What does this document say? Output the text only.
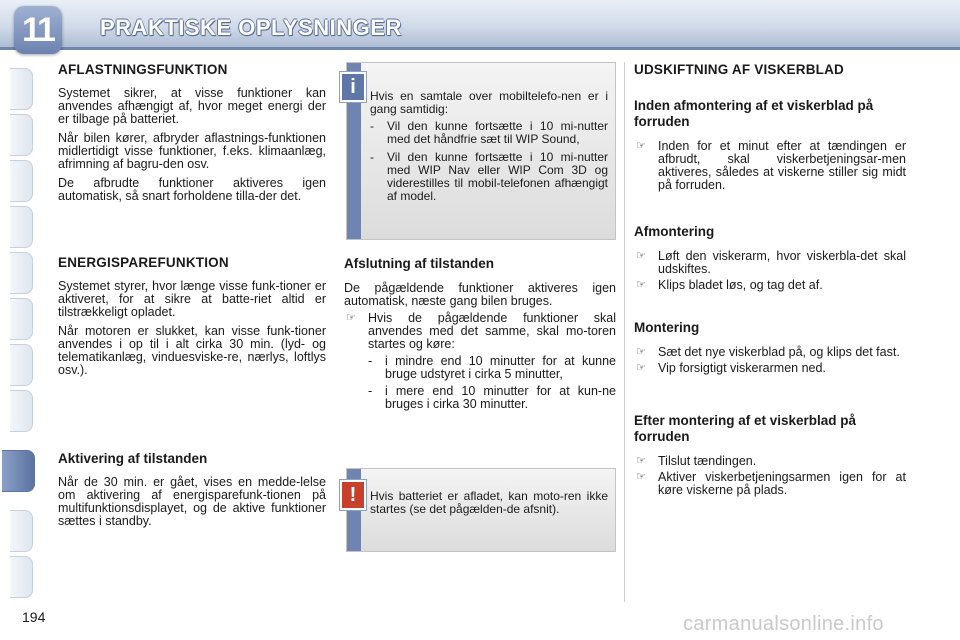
11 PRAKTISKE OPLYSNINGER
AFLASTNINGSFUNKTION

Systemet sikrer, at visse funktioner kan anvendes afhængigt af, hvor meget energi der er tilbage på batteriet.

Når bilen kører, afbryder aflastnings-funktionen midlertidigt visse funktioner, f.eks. klimaanlæg, afrimning af bagru-den osv.

De afbrudte funktioner aktiveres igen automatisk, så snart forholdene tilla-der det.

ENERGISPAREFUNKTION

Systemet styrer, hvor længe visse funk-tioner er aktiveret, for at sikre at batte-riet altid er tilstrækkeligt opladet.

Når motoren er slukket, kan visse funk-tioner anvendes i op til i alt cirka 30 min. (lyd- og telematikanlæg, vinduesviske-re, nærlys, loftlys osv.).

Aktivering af tilstanden

Når de 30 min. er gået, vises en medde-lelse om aktivering af energisparefunk-tionen på multifunktionsdisplayet, og de aktive funktioner sættes i standby.

i	Hvis en samtale over mobiltelefo-nen er i gang samtidig:

- Vil den kunne fortsætte i 10 mi-nutter med det håndfrie sæt til WIP Sound,

- Vil den kunne fortsætte i 10 mi-nutter med WIP Nav eller WIP Com 3D og viderestilles til mobil-telefonen afhængigt af model.

Afslutning af tilstanden

De pågældende funktioner aktiveres igen automatisk, næste gang bilen bruges.

☞ Hvis de pågældende funktioner skal anvendes med det samme, skal mo-toren startes og køre:

- i mindre end 10 minutter for at kunne bruge udstyret i cirka 5 minutter,

- i mere end 10 minutter for at kun-ne bruges i cirka 30 minutter.

!	Hvis batteriet er afladet, kan moto-ren ikke startes (se det pågælden-de afsnit).

UDSKIFTNING AF VISKERBLAD
Inden afmontering af et viskerblad på forruden
☞ Inden for et minut efter at tændingen er afbrudt, skal viskerbetjeningsar-men aktiveres, således at viskerne stiller sig midt på forruden.

Afmontering
☞ Løft den viskerarm, hvor viskerbla-det skal udskiftes.

☞ Klips bladet løs, og tag det af.

Montering
☞ Sæt det nye viskerblad på, og klips det fast.

☞ Vip forsigtigt viskerarmen ned.

Efter montering af et viskerblad på forruden
☞ Tilslut tændingen.

☞ Aktiver viskerbetjeningsarmen igen for at køre viskerne på plads.

194	carmanualsonline.info
